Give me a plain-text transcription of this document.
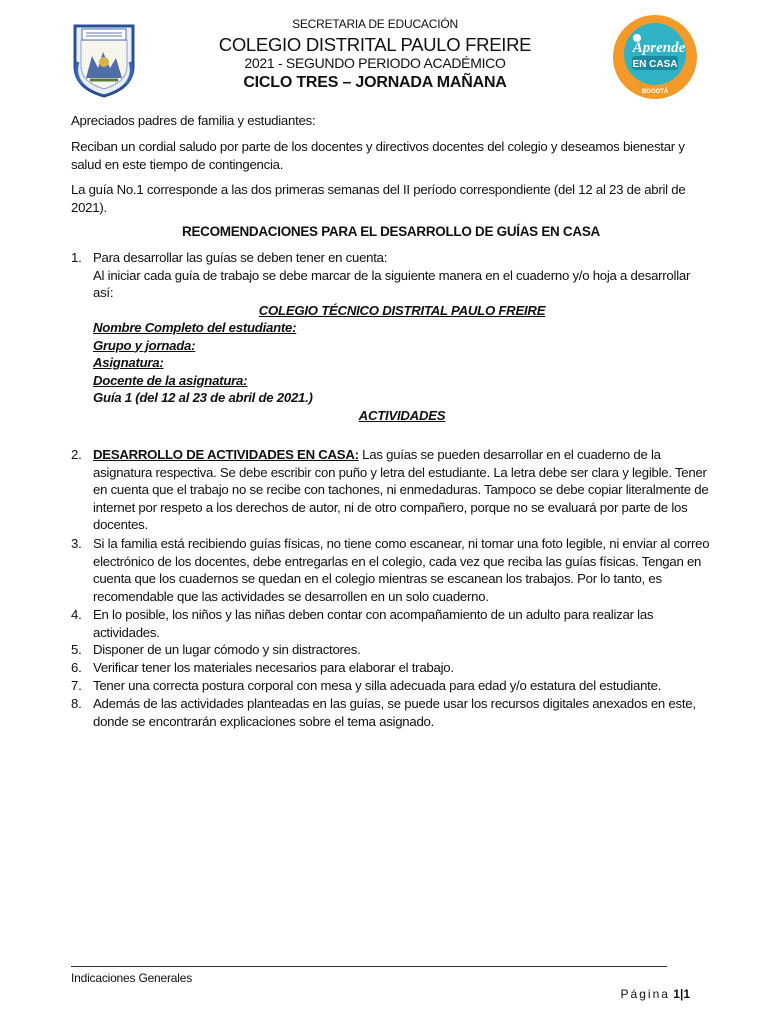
SECRETARIA DE EDUCACIÓN
COLEGIO DISTRITAL PAULO FREIRE
2021 - SEGUNDO PERIODO ACADÉMICO
CICLO TRES – JORNADA MAÑANA
Aprende
EN CASA
BOGOTÁ
Apreciados padres de familia y estudiantes:
Reciban un cordial saludo por parte de los docentes y directivos docentes del colegio y deseamos bienestar y salud en este tiempo de contingencia.
La guía No.1 corresponde a las dos primeras semanas del II período correspondiente (del 12 al 23 de abril de 2021).
RECOMENDACIONES PARA EL DESARROLLO DE GUÍAS EN CASA
1. Para desarrollar las guías se deben tener en cuenta:
Al iniciar cada guía de trabajo se debe marcar de la siguiente manera en el cuaderno y/o hoja a desarrollar así:
COLEGIO TÉCNICO DISTRITAL PAULO FREIRE
Nombre Completo del estudiante:
Grupo y jornada:
Asignatura:
Docente de la asignatura:
Guía 1 (del 12 al 23 de abril de 2021.)
ACTIVIDADES
2. DESARROLLO DE ACTIVIDADES EN CASA: Las guías se pueden desarrollar en el cuaderno de la asignatura respectiva. Se debe escribir con puño y letra del estudiante. La letra debe ser clara y legible. Tener en cuenta que el trabajo no se recibe con tachones, ni enmedaduras. Tampoco se debe copiar literalmente de internet por respeto a los derechos de autor, ni de otro compañero, porque no se evaluará por parte de los docentes.
3. Si la familia está recibiendo guías físicas, no tiene como escanear, ni tomar una foto legible, ni enviar al correo electrónico de los docentes, debe entregarlas en el colegio, cada vez que reciba las guías físicas. Tengan en cuenta que los cuadernos se quedan en el colegio mientras se escanean los trabajos. Por lo tanto, es recomendable que las actividades se desarrollen en un solo cuaderno.
4. En lo posible, los niños y las niñas deben contar con acompañamiento de un adulto para realizar las actividades.
5. Disponer de un lugar cómodo y sin distractores.
6. Verificar tener los materiales necesarios para elaborar el trabajo.
7. Tener una correcta postura corporal con mesa y silla adecuada para edad y/o estatura del estudiante.
8. Además de las actividades planteadas en las guías, se puede usar los recursos digitales anexados en este, donde se encontrarán explicaciones sobre el tema asignado.
Indicaciones Generales
Página 1|1
